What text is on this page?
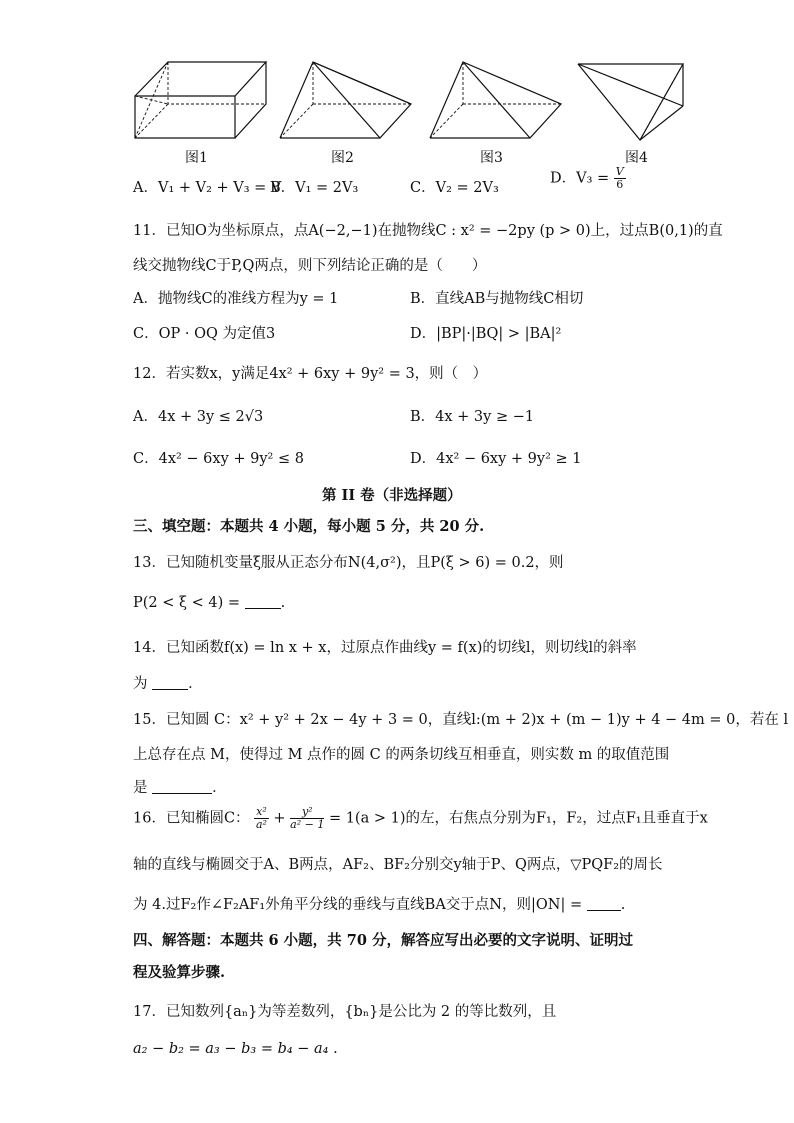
图1	图2	图3	图4
A．V₁ + V₂ + V₃ = V
B．V₁ = 2V₃	C．V₂ = 2V₃
D．$V_3 = \frac{V}{6}$
11．已知O为坐标原点，点A(−2,−1)在抛物线C : x² = −2py (p > 0)上，过点B(0,1)的直
线交抛物线C于P,Q两点，则下列结论正确的是（　　）
A．抛物线C的准线方程为y = 1	B．直线AB与抛物线C相切
C．OP · OQ 为定值3	D．|BP|·|BQ| > |BA|²
12．若实数x，y满足4x² + 6xy + 9y² = 3，则（　）
A．4x + 3y ≤ 2√3	B．4x + 3y ≥ −1
C．4x² − 6xy + 9y² ≤ 8	D．4x² − 6xy + 9y² ≥ 1
第 II 卷（非选择题）
三、填空题：本题共 4 小题，每小题 5 分，共 20 分.
13．已知随机变量ξ服从正态分布N(4,σ²)，且P(ξ > 6) = 0.2，则
P(2 < ξ < 4) =	.
14．已知函数f(x) = ln x + x，过原点作曲线y = f(x)的切线l，则切线l的斜率
为	．
15．已知圆 C：x² + y² + 2x − 4y + 3 = 0，直线l:(m + 2)x + (m − 1)y + 4 − 4m = 0，若在 l
上总存在点 M，使得过 M 点作的圆 C 的两条切线互相垂直，则实数 m 的取值范围
是	．
16．已知椭圆C： $\frac{\text{x²}}{\text{a²}} + \frac{\text{y²}}{\text{a² − 1}} = 1(a > 1)$的左，右焦点分别为F₁，F₂，过点F₁且垂直于x
轴的直线与椭圆交于A、B两点，AF₂、BF₂分别交y轴于P、Q两点，▽PQF₂的周长
为 4.过F₂作∠F₂AF₁外角平分线的垂线与直线BA交于点N，则|ON| =	.
四、解答题：本题共 6 小题，共 70 分，解答应写出必要的文字说明、证明过
程及验算步骤.
17．已知数列{aₙ}为等差数列，{bₙ}是公比为 2 的等比数列，且
a₂ − b₂ = a₃ − b₃ = b₄ − a₄ .
